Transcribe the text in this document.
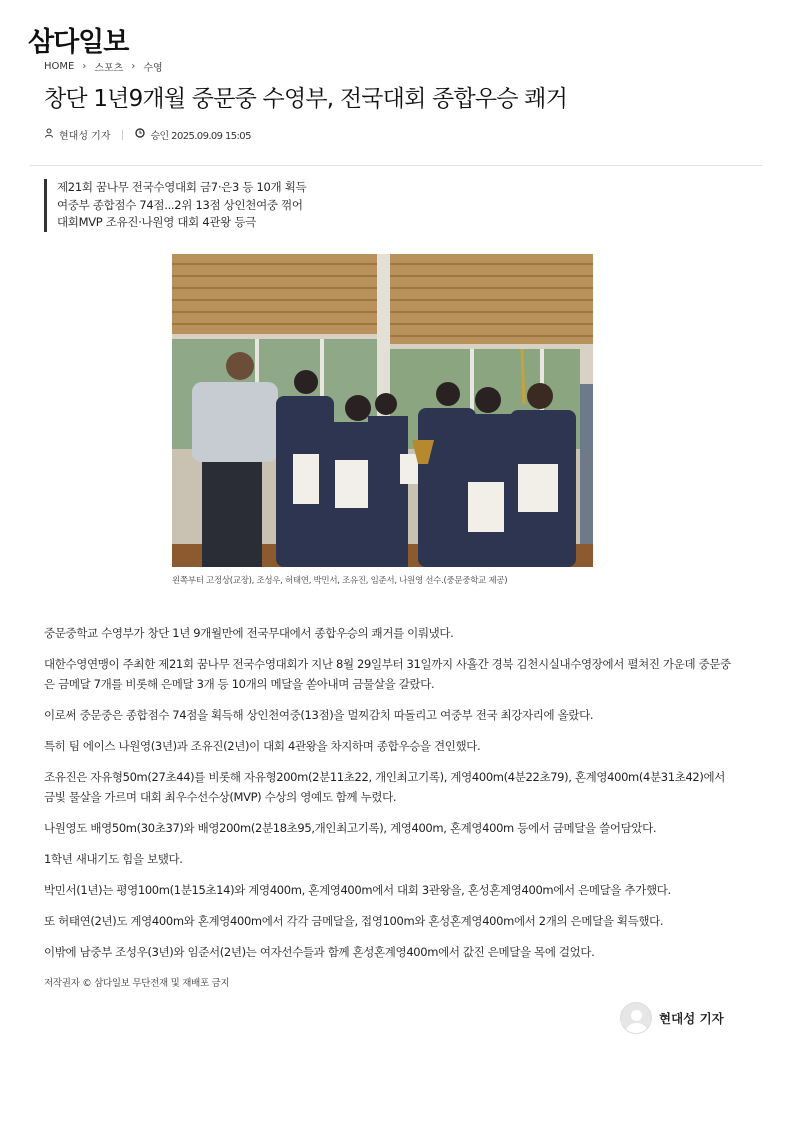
삼다일보
HOME › 스포츠 › 수영
창단 1년9개월 중문중 수영부, 전국대회 종합우승 쾌거
현대성 기자	승인 2025.09.09 15:05
제21회 꿈나무 전국수영대회 금7·은3 등 10개 획득
여중부 종합점수 74점...2위 13점 상인천여중 꺾어
대회MVP 조유진·나원영 대회 4관왕 등극
왼쪽부터 고정상(교장), 조성우, 허태연, 박민서, 조유진, 임준서, 나원영 선수.(중문중학교 제공)

중문중학교 수영부가 창단 1년 9개월만에 전국무대에서 종합우승의 쾌거를 이뤄냈다.

대한수영연맹이 주최한 제21회 꿈나무 전국수영대회가 지난 8월 29일부터 31일까지 사흘간 경북 김천시실내수영장에서 펼쳐진 가운데 중문중은 금메달 7개를 비롯해 은메달 3개 등 10개의 메달을 쏟아내며 금물살을 갈랐다.

이로써 중문중은 종합점수 74점을 획득해 상인천여중(13점)을 멀찌감치 따돌리고 여중부 전국 최강자리에 올랐다.

특히 팀 에이스 나원영(3년)과 조유진(2년)이 대회 4관왕을 차지하며 종합우승을 견인했다.

조유진은 자유형50m(27초44)를 비롯해 자유형200m(2분11초22, 개인최고기록), 계영400m(4분22초79), 혼계영400m(4분31초42)에서 금빛 물살을 가르며 대회 최우수선수상(MVP) 수상의 영예도 함께 누렸다.

나원영도 배영50m(30초37)와 배영200m(2분18초95,개인최고기록), 계영400m, 혼계영400m 등에서 금메달을 쓸어담았다.

1학년 새내기도 힘을 보탰다.

박민서(1년)는 평영100m(1분15초14)와 계영400m, 혼계영400m에서 대회 3관왕을, 혼성혼계영400m에서 은메달을 추가했다.

또 허태연(2년)도 계영400m와 혼계영400m에서 각각 금메달을, 접영100m와 혼성혼계영400m에서 2개의 은메달을 획득했다.

이밖에 남중부 조성우(3년)와 임준서(2년)는 여자선수들과 함께 혼성혼계영400m에서 값진 은메달을 목에 걸었다.

저작권자 © 삼다일보 무단전재 및 재배포 금지
현대성 기자
